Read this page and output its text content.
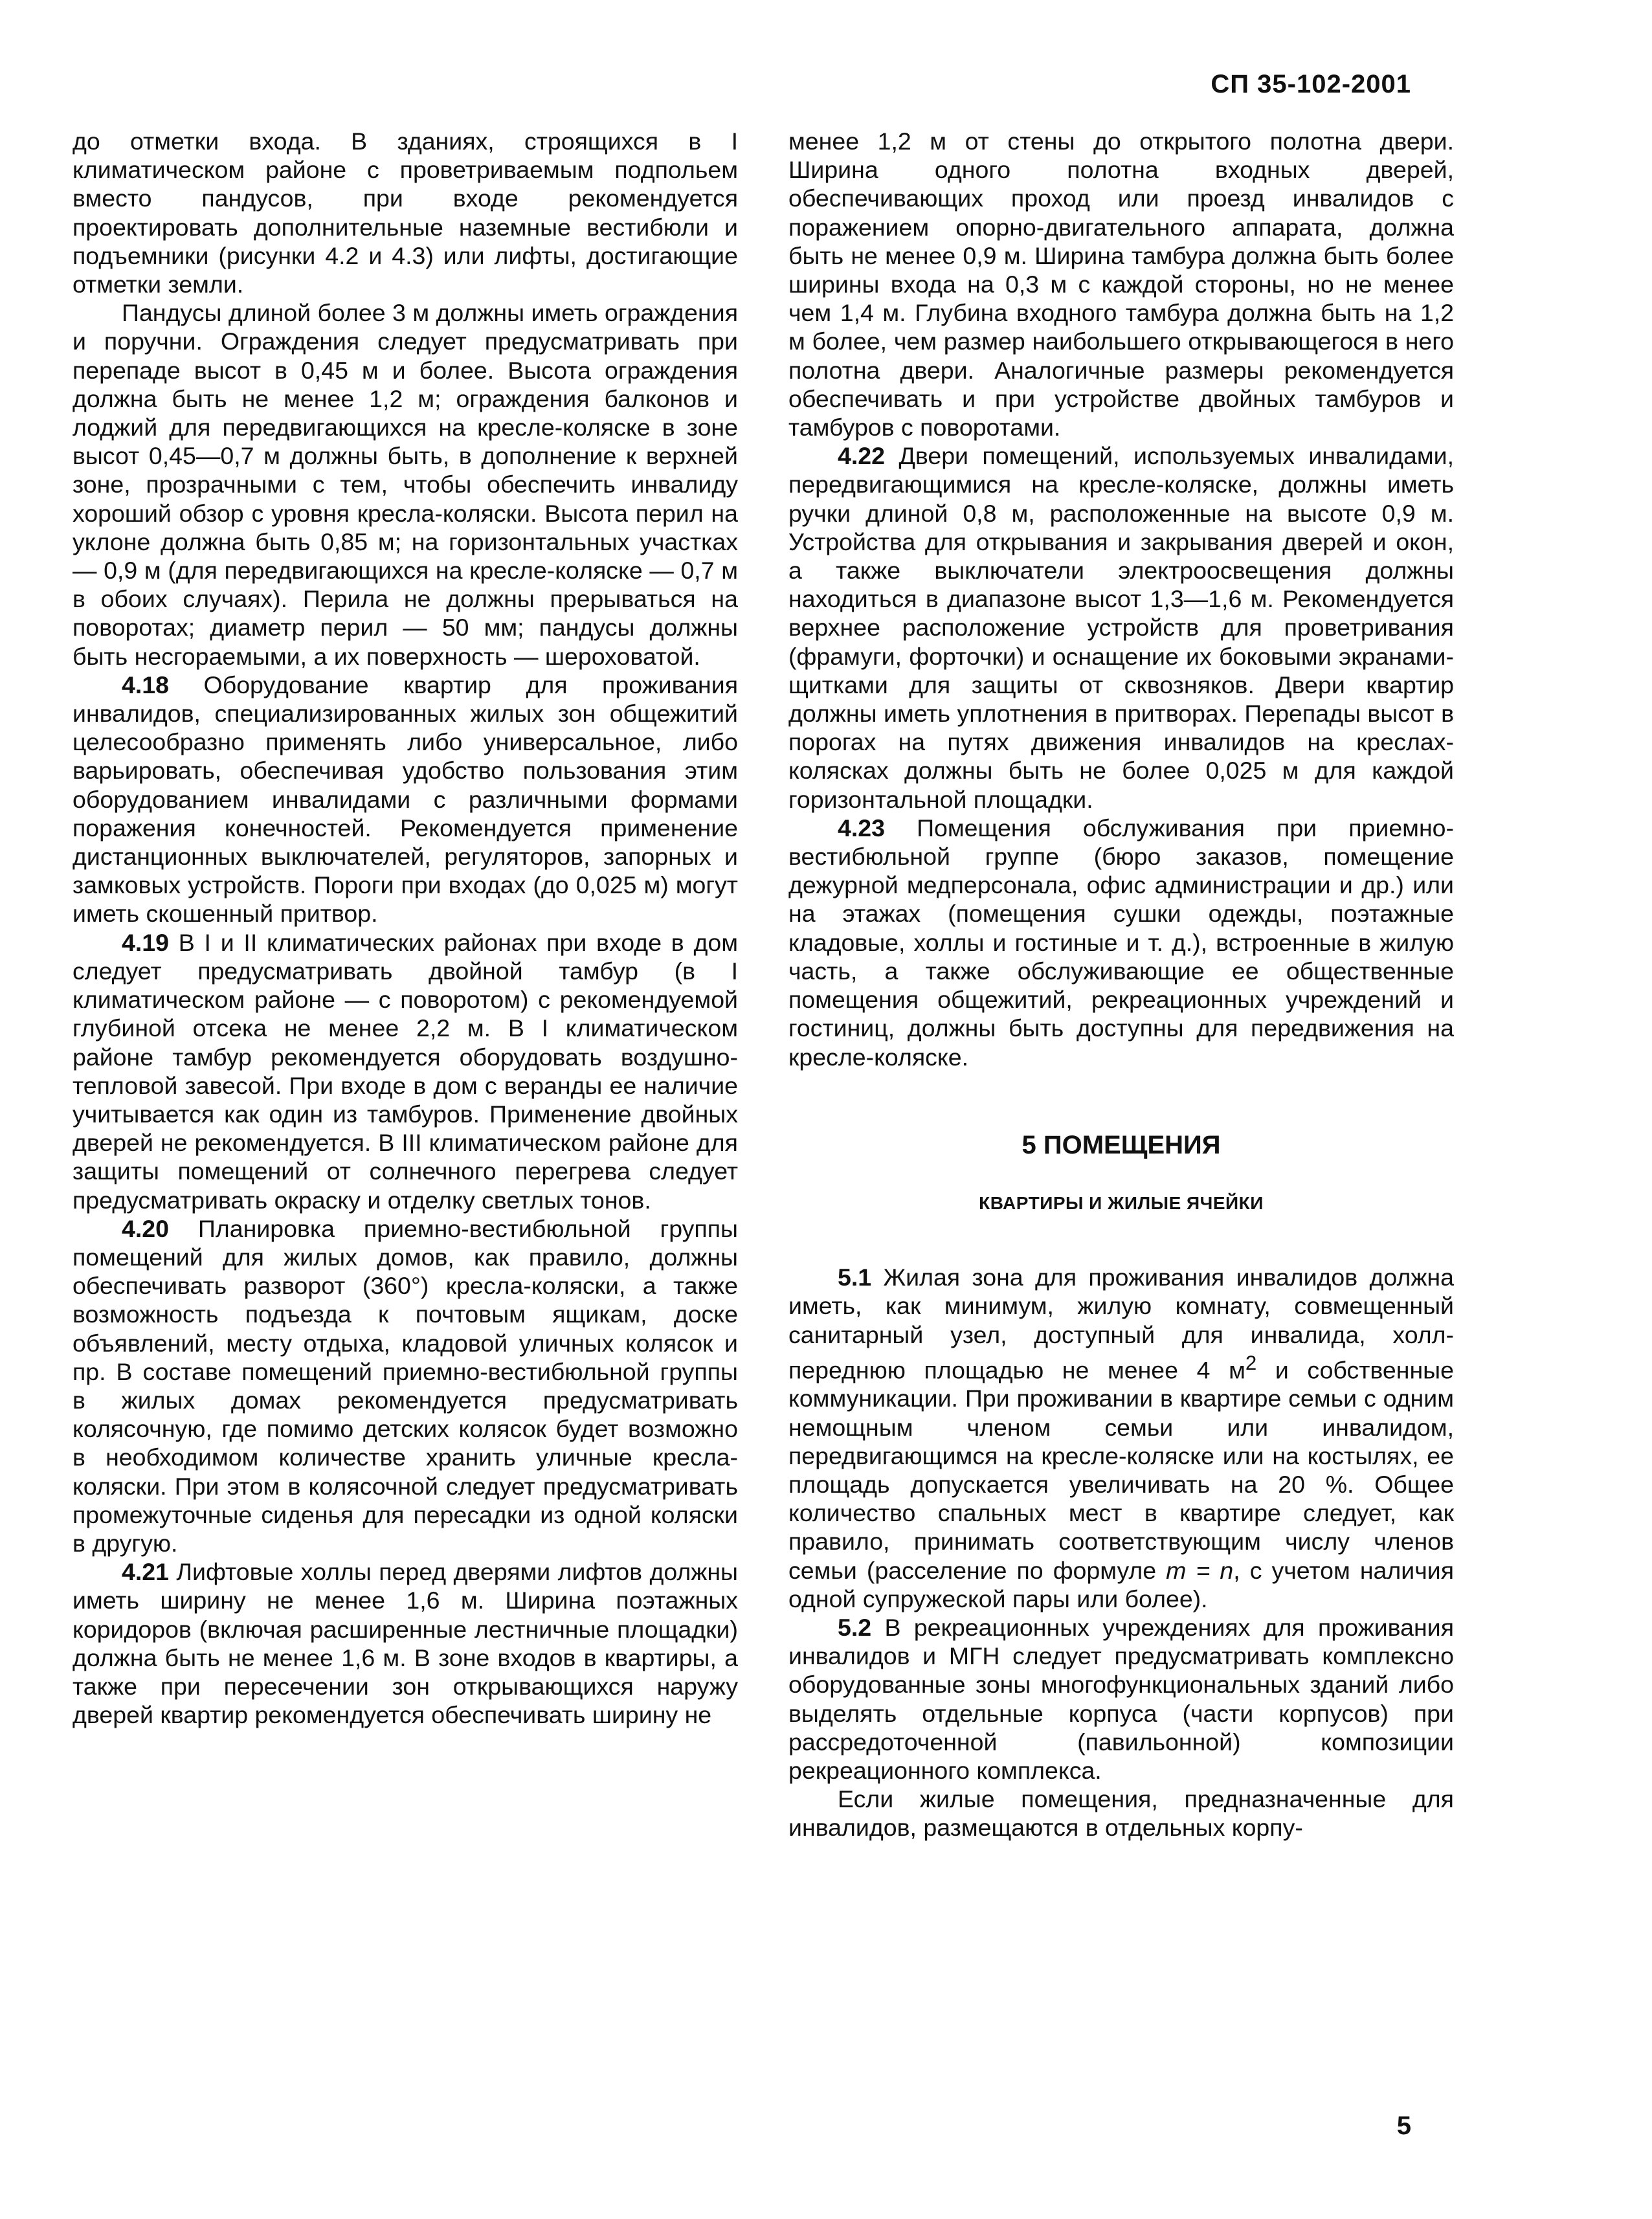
СП 35-102-2001

до отметки входа. В зданиях, строящихся в I климатическом районе с проветриваемым подпольем вместо пандусов, при входе рекомендуется проектировать дополнительные наземные вестибюли и подъемники (рисунки 4.2 и 4.3) или лифты, достигающие отметки земли.

Пандусы длиной более 3 м должны иметь ограждения и поручни. Ограждения следует предусматривать при перепаде высот в 0,45 м и более. Высота ограждения должна быть не менее 1,2 м; ограждения балконов и лоджий для передвигающихся на кресле-коляске в зоне высот 0,45—0,7 м должны быть, в дополнение к верхней зоне, прозрачными с тем, чтобы обеспечить инвалиду хороший обзор с уровня кресла-коляски. Высота перил на уклоне должна быть 0,85 м; на горизонтальных участках — 0,9 м (для передвигающихся на кресле-коляске — 0,7 м в обоих случаях). Перила не должны прерываться на поворотах; диаметр перил — 50 мм; пандусы должны быть несгораемыми, а их поверхность — шероховатой.

4.18 Оборудование квартир для проживания инвалидов, специализированных жилых зон общежитий целесообразно применять либо универсальное, либо варьировать, обеспечивая удобство пользования этим оборудованием инвалидами с различными формами поражения конечностей. Рекомендуется применение дистанционных выключателей, регуляторов, запорных и замковых устройств. Пороги при входах (до 0,025 м) могут иметь скошенный притвор.

4.19 В I и II климатических районах при входе в дом следует предусматривать двойной тамбур (в I климатическом районе — с поворотом) с рекомендуемой глубиной отсека не менее 2,2 м. В I климатическом районе тамбур рекомендуется оборудовать воздушно-тепловой завесой. При входе в дом с веранды ее наличие учитывается как один из тамбуров. Применение двойных дверей не рекомендуется. В III климатическом районе для защиты помещений от солнечного перегрева следует предусматривать окраску и отделку светлых тонов.

4.20 Планировка приемно-вестибюльной группы помещений для жилых домов, как правило, должны обеспечивать разворот (360°) кресла-коляски, а также возможность подъезда к почтовым ящикам, доске объявлений, месту отдыха, кладовой уличных колясок и пр. В составе помещений приемно-вестибюльной группы в жилых домах рекомендуется предусматривать колясочную, где помимо детских колясок будет возможно в необходимом количестве хранить уличные кресла-коляски. При этом в колясочной следует предусматривать промежуточные сиденья для пересадки из одной коляски в другую.

4.21 Лифтовые холлы перед дверями лифтов должны иметь ширину не менее 1,6 м. Ширина поэтажных коридоров (включая расширенные лестничные площадки) должна быть не менее 1,6 м. В зоне входов в квартиры, а также при пересечении зон открывающихся наружу дверей квартир рекомендуется обеспечивать ширину не

менее 1,2 м от стены до открытого полотна двери. Ширина одного полотна входных дверей, обеспечивающих проход или проезд инвалидов с поражением опорно-двигательного аппарата, должна быть не менее 0,9 м. Ширина тамбура должна быть более ширины входа на 0,3 м с каждой стороны, но не менее чем 1,4 м. Глубина входного тамбура должна быть на 1,2 м более, чем размер наибольшего открывающегося в него полотна двери. Аналогичные размеры рекомендуется обеспечивать и при устройстве двойных тамбуров и тамбуров с поворотами.

4.22 Двери помещений, используемых инвалидами, передвигающимися на кресле-коляске, должны иметь ручки длиной 0,8 м, расположенные на высоте 0,9 м. Устройства для открывания и закрывания дверей и окон, а также выключатели электроосвещения должны находиться в диапазоне высот 1,3—1,6 м. Рекомендуется верхнее расположение устройств для проветривания (фрамуги, форточки) и оснащение их боковыми экранами-щитками для защиты от сквозняков. Двери квартир должны иметь уплотнения в притворах. Перепады высот в порогах на путях движения инвалидов на креслах-колясках должны быть не более 0,025 м для каждой горизонтальной площадки.

4.23 Помещения обслуживания при приемно-вестибюльной группе (бюро заказов, помещение дежурной медперсонала, офис администрации и др.) или на этажах (помещения сушки одежды, поэтажные кладовые, холлы и гостиные и т. д.), встроенные в жилую часть, а также обслуживающие ее общественные помещения общежитий, рекреационных учреждений и гостиниц, должны быть доступны для передвижения на кресле-коляске.

5 ПОМЕЩЕНИЯ
КВАРТИРЫ И ЖИЛЫЕ ЯЧЕЙКИ

5.1 Жилая зона для проживания инвалидов должна иметь, как минимум, жилую комнату, совмещенный санитарный узел, доступный для инвалида, холл-переднюю площадью не менее 4 $м^2$ и собственные коммуникации. При проживании в квартире семьи с одним немощным членом семьи или инвалидом, передвигающимся на кресле-коляске или на костылях, ее площадь допускается увеличивать на 20 %. Общее количество спальных мест в квартире следует, как правило, принимать соответствующим числу членов семьи (расселение по формуле m = n, с учетом наличия одной супружеской пары или более).

5.2 В рекреационных учреждениях для проживания инвалидов и МГН следует предусматривать комплексно оборудованные зоны многофункциональных зданий либо выделять отдельные корпуса (части корпусов) при рассредоточенной (павильонной) композиции рекреационного комплекса.

Если жилые помещения, предназначенные для инвалидов, размещаются в отдельных корпу-

5
